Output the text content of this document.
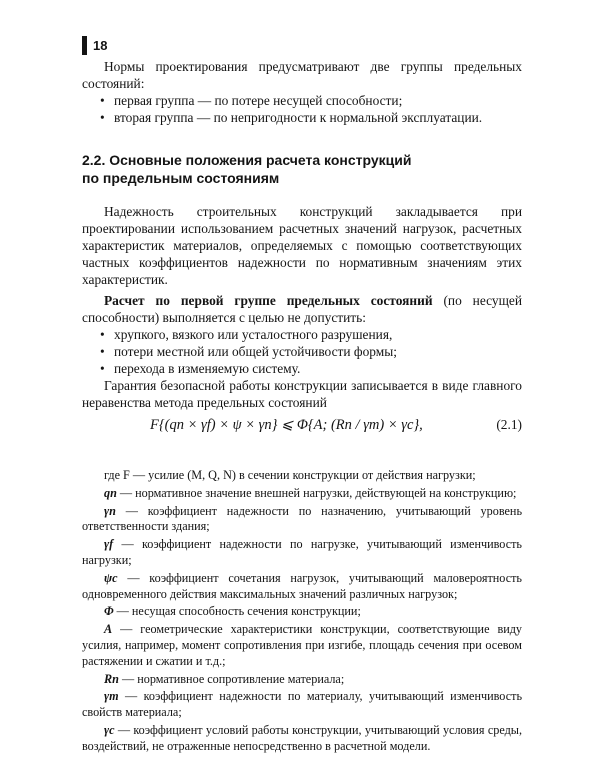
18

Нормы проектирования предусматривают две группы предельных состояний:

• первая группа — по потере несущей способности;
• вторая группа — по непригодности к нормальной эксплуатации.
2.2. Основные положения расчета конструкций
по предельным состояниям

Надежность строительных конструкций закладывается при проектировании использованием расчетных значений нагрузок, расчетных характеристик материалов, определяемых с помощью соответствующих частных коэффициентов надежности по нормативным значениям этих характеристик.

Расчет по первой группе предельных состояний (по несущей способности) выполняется с целью не допустить:

• хрупкого, вязкого или усталостного разрушения,
• потери местной или общей устойчивости формы;
• перехода в изменяемую систему.

Гарантия безопасной работы конструкции записывается в виде главного неравенства метода предельных состояний

F{(qn × γf) × ψ × γn} ⩽ Φ{A; (Rn / γm) × γc},	(2.1)

где F — усилие (M, Q, N) в сечении конструкции от действия нагрузки;

qn — нормативное значение внешней нагрузки, действующей на конструкцию;

γn — коэффициент надежности по назначению, учитывающий уровень ответственности здания;

γf — коэффициент надежности по нагрузке, учитывающий изменчивость нагрузки;

ψc — коэффициент сочетания нагрузок, учитывающий маловероятность одновременного действия максимальных значений различных нагрузок;

Φ — несущая способность сечения конструкции;

A — геометрические характеристики конструкции, соответствующие виду усилия, например, момент сопротивления при изгибе, площадь сечения при осевом растяжении и сжатии и т.д.;

Rn — нормативное сопротивление материала;

γm — коэффициент надежности по материалу, учитывающий изменчивость свойств материала;

γc — коэффициент условий работы конструкции, учитывающий условия среды, воздействий, не отраженные непосредственно в расчетной модели.
